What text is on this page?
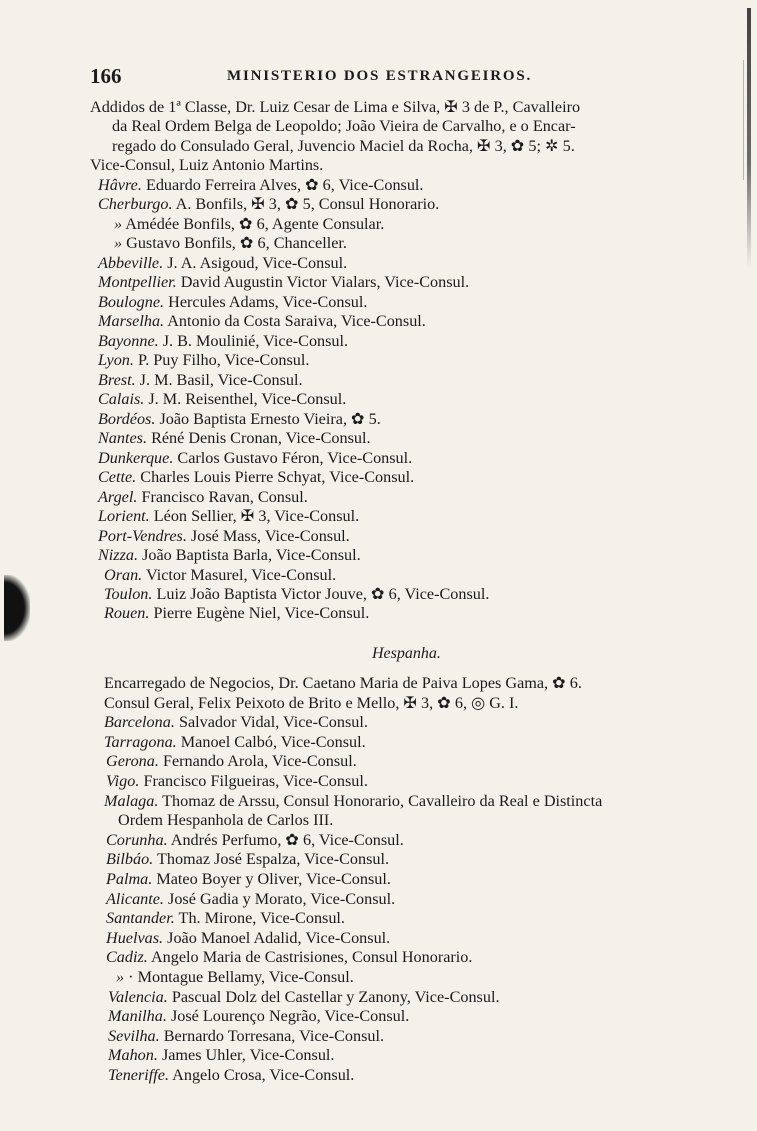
166	MINISTERIO DOS ESTRANGEIROS.
Addidos de 1ª Classe, Dr. Luiz Cesar de Lima e Silva, ✠ 3 de P., Cavalleiro
da Real Ordem Belga de Leopoldo; João Vieira de Carvalho, e o Encar-
regado do Consulado Geral, Juvencio Maciel da Rocha, ✠ 3, ✿ 5; ✲ 5.
Vice-Consul, Luiz Antonio Martins.
Hâvre. Eduardo Ferreira Alves, ✿ 6, Vice-Consul.
Cherburgo. A. Bonfils, ✠ 3, ✿ 5, Consul Honorario.
» Amédée Bonfils, ✿ 6, Agente Consular.
» Gustavo Bonfils, ✿ 6, Chanceller.
Abbeville. J. A. Asigoud, Vice-Consul.
Montpellier. David Augustin Victor Vialars, Vice-Consul.
Boulogne. Hercules Adams, Vice-Consul.
Marselha. Antonio da Costa Saraiva, Vice-Consul.
Bayonne. J. B. Moulinié, Vice-Consul.
Lyon. P. Puy Filho, Vice-Consul.
Brest. J. M. Basil, Vice-Consul.
Calais. J. M. Reisenthel, Vice-Consul.
Bordéos. João Baptista Ernesto Vieira, ✿ 5.
Nantes. Réné Denis Cronan, Vice-Consul.
Dunkerque. Carlos Gustavo Féron, Vice-Consul.
Cette. Charles Louis Pierre Schyat, Vice-Consul.
Argel. Francisco Ravan, Consul.
Lorient. Léon Sellier, ✠ 3, Vice-Consul.
Port-Vendres. José Mass, Vice-Consul.
Nizza. João Baptista Barla, Vice-Consul.
Oran. Victor Masurel, Vice-Consul.
Toulon. Luiz João Baptista Victor Jouve, ✿ 6, Vice-Consul.
Rouen. Pierre Eugène Niel, Vice-Consul.
Hespanha.
Encarregado de Negocios, Dr. Caetano Maria de Paiva Lopes Gama, ✿ 6.
Consul Geral, Felix Peixoto de Brito e Mello, ✠ 3, ✿ 6, ◎ G. I.
Barcelona. Salvador Vidal, Vice-Consul.
Tarragona. Manoel Calbó, Vice-Consul.
Gerona. Fernando Arola, Vice-Consul.
Vigo. Francisco Filgueiras, Vice-Consul.
Malaga. Thomaz de Arssu, Consul Honorario, Cavalleiro da Real e Distincta
Ordem Hespanhola de Carlos III.
Corunha. Andrés Perfumo, ✿ 6, Vice-Consul.
Bilbáo. Thomaz José Espalza, Vice-Consul.
Palma. Mateo Boyer y Oliver, Vice-Consul.
Alicante. José Gadia y Morato, Vice-Consul.
Santander. Th. Mirone, Vice-Consul.
Huelvas. João Manoel Adalid, Vice-Consul.
Cadiz. Angelo Maria de Castrisiones, Consul Honorario.
» · Montague Bellamy, Vice-Consul.
Valencia. Pascual Dolz del Castellar y Zanony, Vice-Consul.
Manilha. José Lourenço Negrão, Vice-Consul.
Sevilha. Bernardo Torresana, Vice-Consul.
Mahon. James Uhler, Vice-Consul.
Teneriffe. Angelo Crosa, Vice-Consul.
